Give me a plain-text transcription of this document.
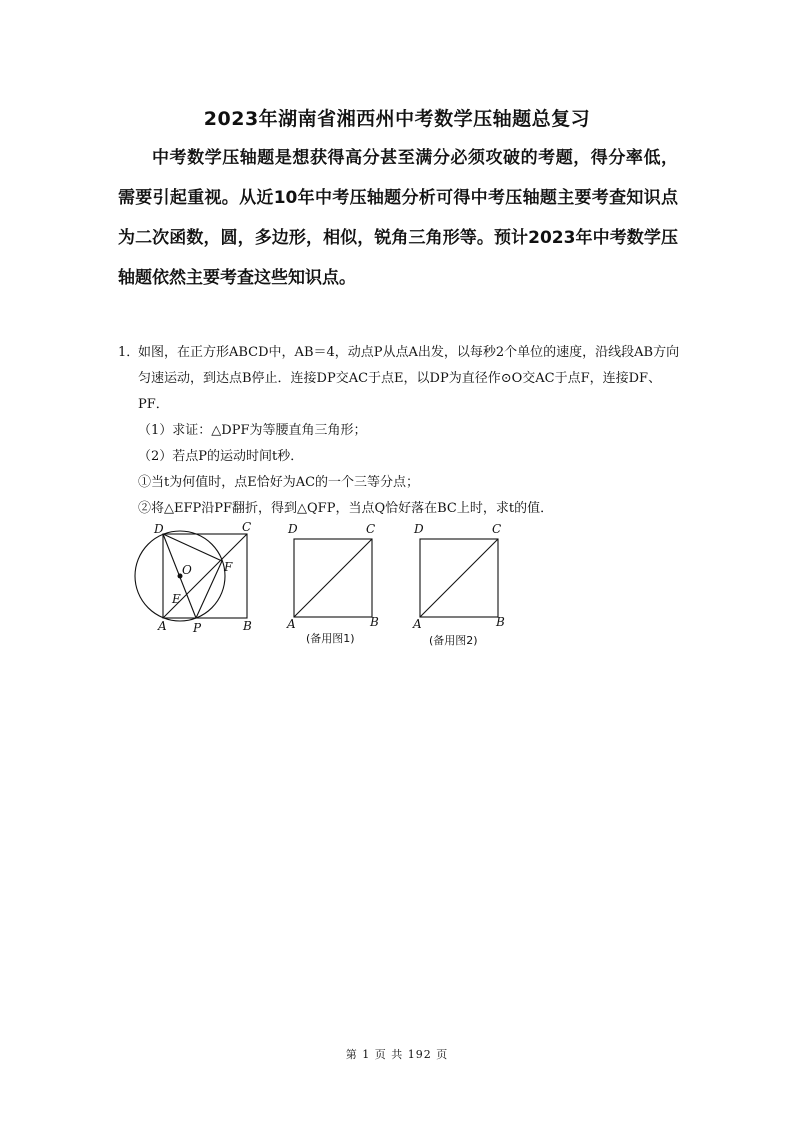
2023年湖南省湘西州中考数学压轴题总复习
中考数学压轴题是想获得高分甚至满分必须攻破的考题，得分率低，需要引起重视。从近10年中考压轴题分析可得中考压轴题主要考查知识点为二次函数，圆，多边形，相似，锐角三角形等。预计2023年中考数学压轴题依然主要考查这些知识点。
1．如图，在正方形ABCD中，AB＝4，动点P从点A出发，以每秒2个单位的速度，沿线段AB方向匀速运动，到达点B停止．连接DP交AC于点E，以DP为直径作⊙O交AC于点F，连接DF、PF．
（1）求证：△DPF为等腰直角三角形；
（2）若点P的运动时间t秒．
①当t为何值时，点E恰好为AC的一个三等分点；
②将△EFP沿PF翻折，得到△QFP，当点Q恰好落在BC上时，求t的值．
D	C
O	F
E
A P	B
D	C
A	B
(备用图1)
D	C
A	B
(备用图2)
第 1 页 共 192 页
